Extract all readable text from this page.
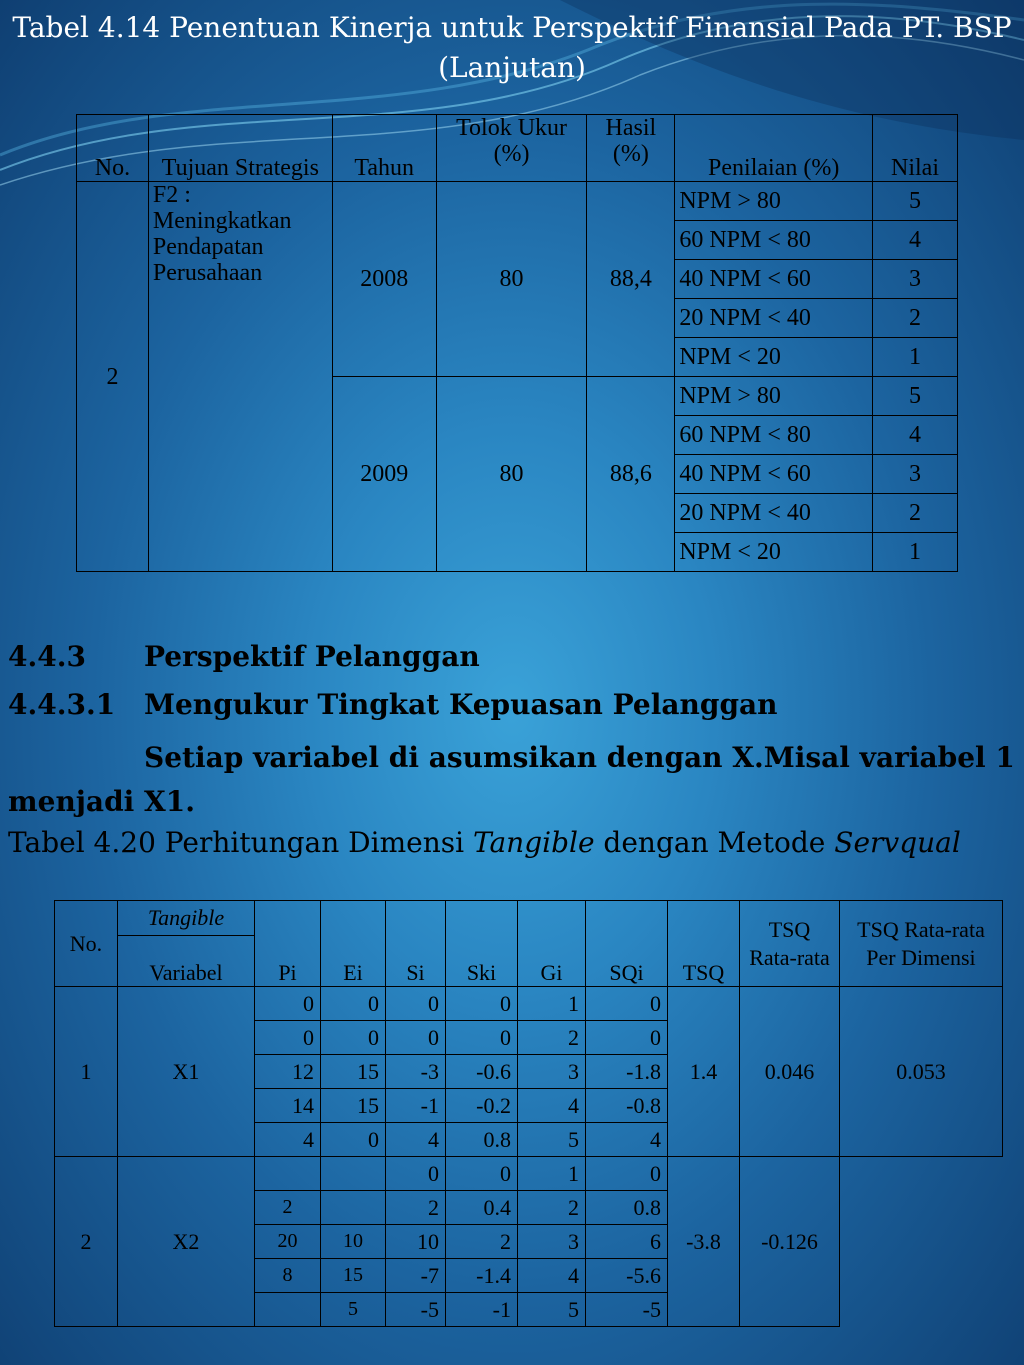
Tabel 4.14 Penentuan Kinerja untuk Perspektif Finansial Pada PT. BSP (Lanjutan)
No.	Tujuan Strategis	Tahun	Tolok Ukur (%)	Hasil (%)	Penilaian (%)	Nilai
2	F2 : Meningkatkan Pendapatan Perusahaan	2008	80	88,4	NPM > 80	5
					60 NPM < 80	4
					40 NPM < 60	3
					20 NPM < 40	2
					NPM < 20	1
		2009	80	88,6	NPM > 80	5
					60 NPM < 80	4
					40 NPM < 60	3
					20 NPM < 40	2
					NPM < 20	1
4.4.3 Perspektif Pelanggan
4.4.3.1 Mengukur Tingkat Kepuasan Pelanggan
Setiap variabel di asumsikan dengan X.Misal variabel 1 menjadi X1.
Tabel 4.20 Perhitungan Dimensi Tangible dengan Metode Servqual
No.	Tangible	Pi	Ei	Si	Ski	Gi	SQi	TSQ	TSQ Rata-rata	TSQ Rata-rata Per Dimensi
	Variabel									
1	X1	0	0	0	0	1	0	1.4	0.046	0.053
		0	0	0	0	2	0			
		12	15	-3	-0.6	3	-1.8			
		14	15	-1	-0.2	4	-0.8			
		4	0	4	0.8	5	4			
2	X2			0	0	1	0	-3.8	-0.126	
		2		2	0.4	2	0.8			
		20	10	10	2	3	6			
		8	15	-7	-1.4	4	-5.6			
			5	-5	-1	5	-5			
